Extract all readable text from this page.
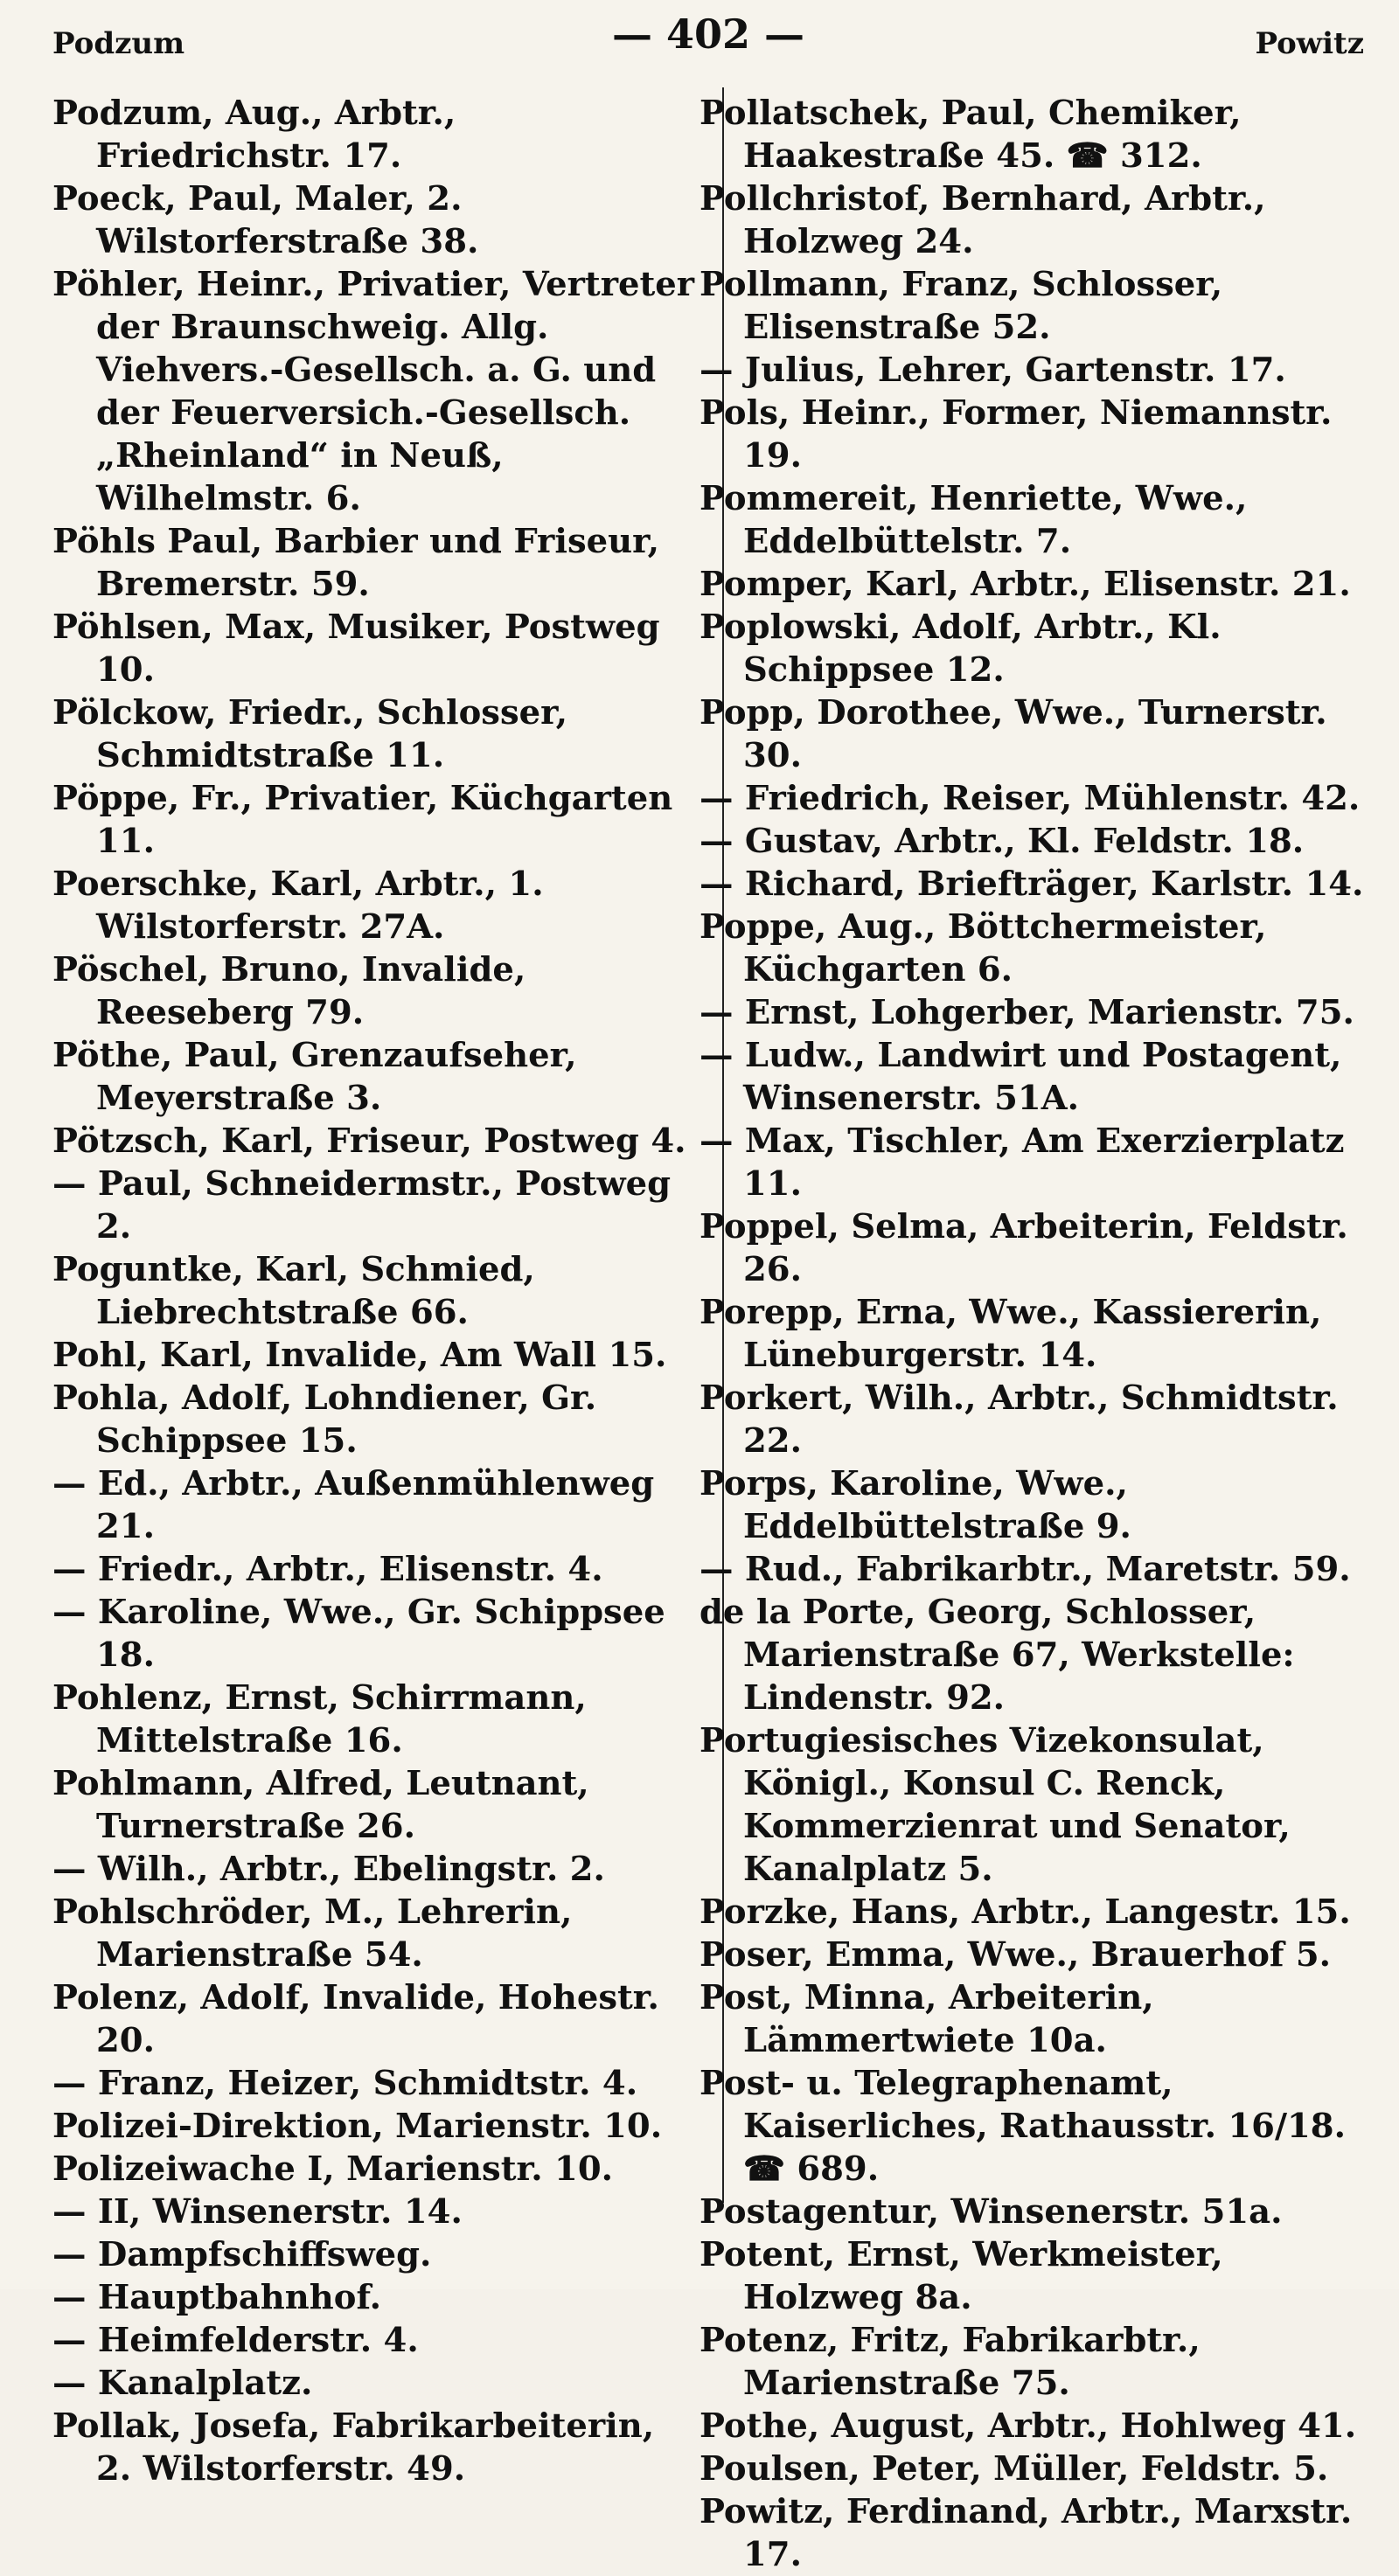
Podzum	— 402 —	Powitz

Podzum, Aug., Arbtr., Friedrichstr. 17.

Poeck, Paul, Maler, 2. Wilstorferstraße 38.

Pöhler, Heinr., Privatier, Vertreter der Braunschweig. Allg. Viehvers.-Gesellsch. a. G. und der Feuerversich.-Gesellsch. „Rheinland“ in Neuß, Wilhelmstr. 6.

Pöhls Paul, Barbier und Friseur, Bremerstr. 59.

Pöhlsen, Max, Musiker, Postweg 10.

Pölckow, Friedr., Schlosser, Schmidtstraße 11.

Pöppe, Fr., Privatier, Küchgarten 11.

Poerschke, Karl, Arbtr., 1. Wilstorferstr. 27A.

Pöschel, Bruno, Invalide, Reeseberg 79.

Pöthe, Paul, Grenzaufseher, Meyerstraße 3.

Pötzsch, Karl, Friseur, Postweg 4.

— Paul, Schneidermstr., Postweg 2.

Poguntke, Karl, Schmied, Liebrechtstraße 66.

Pohl, Karl, Invalide, Am Wall 15.

Pohla, Adolf, Lohndiener, Gr. Schippsee 15.

— Ed., Arbtr., Außenmühlenweg 21.

— Friedr., Arbtr., Elisenstr. 4.

— Karoline, Wwe., Gr. Schippsee 18.

Pohlenz, Ernst, Schirrmann, Mittelstraße 16.

Pohlmann, Alfred, Leutnant, Turnerstraße 26.

— Wilh., Arbtr., Ebelingstr. 2.

Pohlschröder, M., Lehrerin, Marienstraße 54.

Polenz, Adolf, Invalide, Hohestr. 20.

— Franz, Heizer, Schmidtstr. 4.

Polizei-Direktion, Marienstr. 10.

Polizeiwache I, Marienstr. 10.

— II, Winsenerstr. 14.

— Dampfschiffsweg.

— Hauptbahnhof.

— Heimfelderstr. 4.

— Kanalplatz.

Pollak, Josefa, Fabrikarbeiterin, 2. Wilstorferstr. 49.

Pollatschek, Paul, Chemiker, Haakestraße 45. ☎ 312.

Pollchristof, Bernhard, Arbtr., Holzweg 24.

Pollmann, Franz, Schlosser, Elisenstraße 52.

— Julius, Lehrer, Gartenstr. 17.

Pols, Heinr., Former, Niemannstr. 19.

Pommereit, Henriette, Wwe., Eddelbüttelstr. 7.

Pomper, Karl, Arbtr., Elisenstr. 21.

Poplowski, Adolf, Arbtr., Kl. Schippsee 12.

Popp, Dorothee, Wwe., Turnerstr. 30.

— Friedrich, Reiser, Mühlenstr. 42.

— Gustav, Arbtr., Kl. Feldstr. 18.

— Richard, Briefträger, Karlstr. 14.

Poppe, Aug., Böttchermeister, Küchgarten 6.

— Ernst, Lohgerber, Marienstr. 75.

— Ludw., Landwirt und Postagent, Winsenerstr. 51A.

— Max, Tischler, Am Exerzierplatz 11.

Poppel, Selma, Arbeiterin, Feldstr. 26.

Porepp, Erna, Wwe., Kassiererin, Lüneburgerstr. 14.

Porkert, Wilh., Arbtr., Schmidtstr. 22.

Porps, Karoline, Wwe., Eddelbüttelstraße 9.

— Rud., Fabrikarbtr., Maretstr. 59.

de la Porte, Georg, Schlosser, Marienstraße 67, Werkstelle: Lindenstr. 92.

Portugiesisches Vizekonsulat, Königl., Konsul C. Renck, Kommerzienrat und Senator, Kanalplatz 5.

Porzke, Hans, Arbtr., Langestr. 15.

Poser, Emma, Wwe., Brauerhof 5.

Post, Minna, Arbeiterin, Lämmertwiete 10a.

Post- u. Telegraphenamt, Kaiserliches, Rathausstr. 16/18. ☎ 689.

Postagentur, Winsenerstr. 51a.

Potent, Ernst, Werkmeister, Holzweg 8a.

Potenz, Fritz, Fabrikarbtr., Marienstraße 75.

Pothe, August, Arbtr., Hohlweg 41.

Poulsen, Peter, Müller, Feldstr. 5.

Powitz, Ferdinand, Arbtr., Marxstr. 17.
